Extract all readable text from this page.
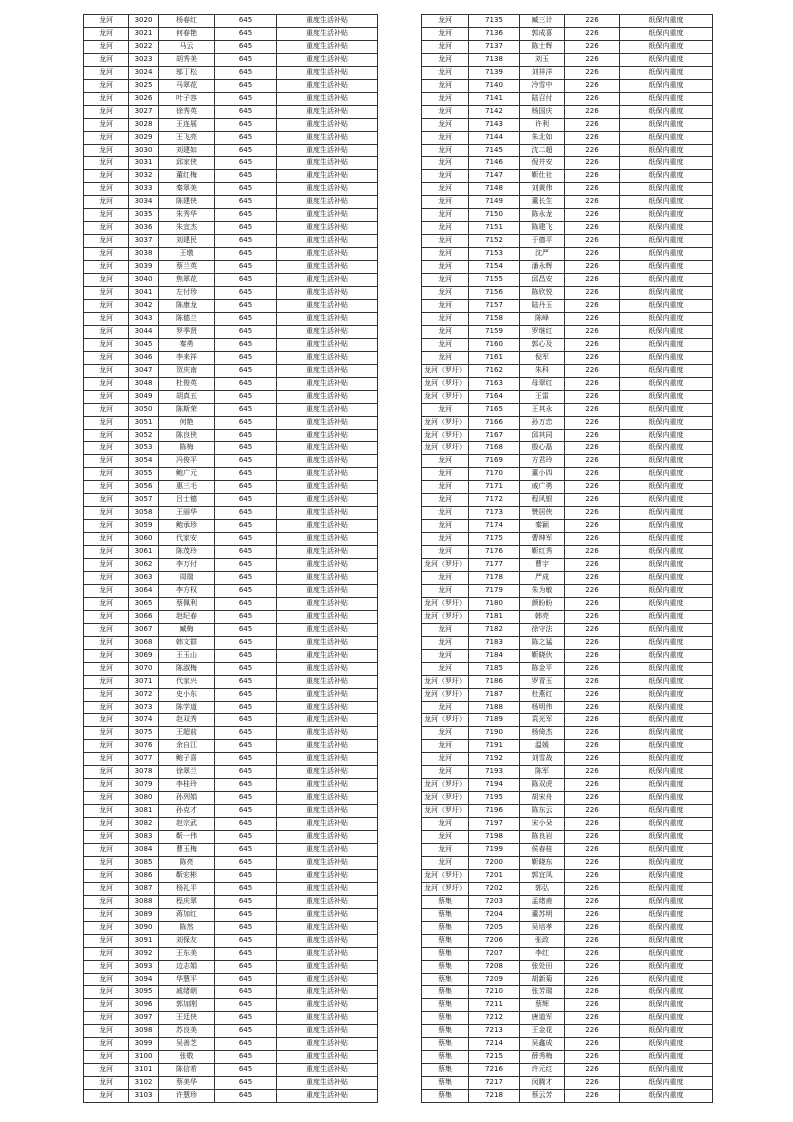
龙河	3020	杨春红	645	重度生活补贴
龙河	3021	何春艳	645	重度生活补贴
龙河	3022	马云	645	重度生活补贴
龙河	3023	胡秀美	645	重度生活补贴
龙河	3024	邬丁松	645	重度生活补贴
龙河	3025	马翠花	645	重度生活补贴
龙河	3026	叶子容	645	重度生活补贴
龙河	3027	徐秀英	645	重度生活补贴
龙河	3028	王连展	645	重度生活补贴
龙河	3029	王飞亮	645	重度生活补贴
龙河	3030	刘建如	645	重度生活补贴
龙河	3031	邱家侠	645	重度生活补贴
龙河	3032	董红梅	645	重度生活补贴
龙河	3033	秦翠美	645	重度生活补贴
龙河	3034	陈建侠	645	重度生活补贴
龙河	3035	朱秀华	645	重度生活补贴
龙河	3036	朱宜杰	645	重度生活补贴
龙河	3037	刘建民	645	重度生活补贴
龙河	3038	王墩	645	重度生活补贴
龙河	3039	蔡兰英	645	重度生活补贴
龙河	3040	焦翠花	645	重度生活补贴
龙河	3041	左付珍	645	重度生活补贴
龙河	3042	陈康龙	645	重度生活补贴
龙河	3043	陈德兰	645	重度生活补贴
龙河	3044	罗季贤	645	重度生活补贴
龙河	3045	秦勇	645	重度生活补贴
龙河	3046	李来祥	645	重度生活补贴
龙河	3047	贺庆南	645	重度生活补贴
龙河	3048	杜俊英	645	重度生活补贴
龙河	3049	胡真五	645	重度生活补贴
龙河	3050	陈斯荣	645	重度生活补贴
龙河	3051	何艳	645	重度生活补贴
龙河	3052	陈良侠	645	重度生活补贴
龙河	3053	陈梅	645	重度生活补贴
龙河	3054	冯俊平	645	重度生活补贴
龙河	3055	鲍广元	645	重度生活补贴
龙河	3056	惠三毛	645	重度生活补贴
龙河	3057	吕士德	645	重度生活补贴
龙河	3058	王丽华	645	重度生活补贴
龙河	3059	鲍承珍	645	重度生活补贴
龙河	3060	代家安	645	重度生活补贴
龙河	3061	陈茂玲	645	重度生活补贴
龙河	3062	李万付	645	重度生活补贴
龙河	3063	周瑞	645	重度生活补贴
龙河	3064	李方权	645	重度生活补贴
龙河	3065	蔡佩利	645	重度生活补贴
龙河	3066	赵纪春	645	重度生活补贴
龙河	3067	臧梅	645	重度生活补贴
龙河	3068	韩文群	645	重度生活补贴
龙河	3069	王玉山	645	重度生活补贴
龙河	3070	陈淑梅	645	重度生活补贴
龙河	3071	代家兴	645	重度生活补贴
龙河	3072	史小东	645	重度生活补贴
龙河	3073	陈学道	645	重度生活补贴
龙河	3074	赵双秀	645	重度生活补贴
龙河	3075	王超前	645	重度生活补贴
龙河	3076	余自江	645	重度生活补贴
龙河	3077	鲍子喜	645	重度生活补贴
龙河	3078	徐翠兰	645	重度生活补贴
龙河	3079	李桂玲	645	重度生活补贴
龙河	3080	孙列娟	645	重度生活补贴
龙河	3081	孙克才	645	重度生活补贴
龙河	3082	赵宗武	645	重度生活补贴
龙河	3083	靳一伟	645	重度生活补贴
龙河	3084	曹玉梅	645	重度生活补贴
龙河	3085	陈亮	645	重度生活补贴
龙河	3086	靳宏彬	645	重度生活补贴
龙河	3087	杨礼平	645	重度生活补贴
龙河	3088	程庆翠	645	重度生活补贴
龙河	3089	蒋加红	645	重度生活补贴
龙河	3090	陈然	645	重度生活补贴
龙河	3091	刘保友	645	重度生活补贴
龙河	3092	王东美	645	重度生活补贴
龙河	3093	边志娟	645	重度生活补贴
龙河	3094	华慧平	645	重度生活补贴
龙河	3095	戚绪朝	645	重度生活补贴
龙河	3096	郭加刚	645	重度生活补贴
龙河	3097	王廷侠	645	重度生活补贴
龙河	3098	苏良美	645	重度生活补贴
龙河	3099	吴善芝	645	重度生活补贴
龙河	3100	张敬	645	重度生活补贴
龙河	3101	陈信希	645	重度生活补贴
龙河	3102	蔡美华	645	重度生活补贴
龙河	3103	许慧珍	645	重度生活补贴
龙河	7135	臧三计	226	纸保内重度
龙河	7136	郭成喜	226	纸保内重度
龙河	7137	陈士辉	226	纸保内重度
龙河	7138	刘玉	226	纸保内重度
龙河	7139	刘祥洋	226	纸保内重度
龙河	7140	冷雪中	226	纸保内重度
龙河	7141	陆召付	226	纸保内重度
龙河	7142	杨国庆	226	纸保内重度
龙河	7143	许利	226	纸保内重度
龙河	7144	朱北如	226	纸保内重度
龙河	7145	沈二超	226	纸保内重度
龙河	7146	倪井安	226	纸保内重度
龙河	7147	靳仕社	226	纸保内重度
龙河	7148	刘黄伟	226	纸保内重度
龙河	7149	董长生	226	纸保内重度
龙河	7150	陈永龙	226	纸保内重度
龙河	7151	陈建飞	226	纸保内重度
龙河	7152	于德平	226	纸保内重度
龙河	7153	沈严	226	纸保内重度
龙河	7154	潘永辉	226	纸保内重度
龙河	7155	邱昌安	226	纸保内重度
龙河	7156	陈欣悦	226	纸保内重度
龙河	7157	陆丹玉	226	纸保内重度
龙河	7158	陈峰	226	纸保内重度
龙河	7159	罗继红	226	纸保内重度
龙河	7160	郭心及	226	纸保内重度
龙河	7161	倪军	226	纸保内重度
龙河（罗圩）	7162	朱科	226	纸保内重度
龙河（罗圩）	7163	母翠红	226	纸保内重度
龙河（罗圩）	7164	王雷	226	纸保内重度
龙河	7165	王其永	226	纸保内重度
龙河（罗圩）	7166	孙万忠	226	纸保内重度
龙河（罗圩）	7167	邱其同	226	纸保内重度
龙河（罗圩）	7168	殷心磊	226	纸保内重度
龙河	7169	方君玲	226	纸保内重度
龙河	7170	董小四	226	纸保内重度
龙河	7171	戚广勇	226	纸保内重度
龙河	7172	程风银	226	纸保内重度
龙河	7173	赞居侠	226	纸保内重度
龙河	7174	秦颖	226	纸保内重度
龙河	7175	曹绅军	226	纸保内重度
龙河	7176	靳红秀	226	纸保内重度
龙河（罗圩）	7177	曹宇	226	纸保内重度
龙河	7178	严成	226	纸保内重度
龙河	7179	朱为敏	226	纸保内重度
龙河（罗圩）	7180	颜盼盼	226	纸保内重度
龙河（罗圩）	7181	韩亮	226	纸保内重度
龙河	7182	徐守法	226	纸保内重度
龙河	7183	陈之猛	226	纸保内重度
龙河	7184	靳晓伙	226	纸保内重度
龙河	7185	陈金平	226	纸保内重度
龙河（罗圩）	7186	罗青玉	226	纸保内重度
龙河（罗圩）	7187	杜燕红	226	纸保内重度
龙河	7188	杨明伟	226	纸保内重度
龙河（罗圩）	7189	袁光军	226	纸保内重度
龙河	7190	杨倚杰	226	纸保内重度
龙河	7191	温媛	226	纸保内重度
龙河	7192	刘雪战	226	纸保内重度
龙河	7193	陈军	226	纸保内重度
龙河（罗圩）	7194	陈双虎	226	纸保内重度
龙河（罗圩）	7195	胡宋舟	226	纸保内重度
龙河（罗圩）	7196	陈东云	226	纸保内重度
龙河	7197	宋小朵	226	纸保内重度
龙河	7198	陈良岩	226	纸保内重度
龙河	7199	侯春桂	226	纸保内重度
龙河	7200	靳晓东	226	纸保内重度
龙河（罗圩）	7201	郭宜凤	226	纸保内重度
龙河（罗圩）	7202	郭弘	226	纸保内重度
蔡集	7203	孟绪甫	226	纸保内重度
蔡集	7204	董苏明	226	纸保内重度
蔡集	7205	吴培孝	226	纸保内重度
蔡集	7206	张政	226	纸保内重度
蔡集	7207	李红	226	纸保内重度
蔡集	7208	张处田	226	纸保内重度
蔡集	7209	胡新菊	226	纸保内重度
蔡集	7210	张芳瑞	226	纸保内重度
蔡集	7211	蔡辉	226	纸保内重度
蔡集	7212	唐道军	226	纸保内重度
蔡集	7213	王金花	226	纸保内重度
蔡集	7214	吴鑫成	226	纸保内重度
蔡集	7215	薛秀梅	226	纸保内重度
蔡集	7216	许元红	226	纸保内重度
蔡集	7217	闵腾才	226	纸保内重度
蔡集	7218	蔡云芳	226	纸保内重度
